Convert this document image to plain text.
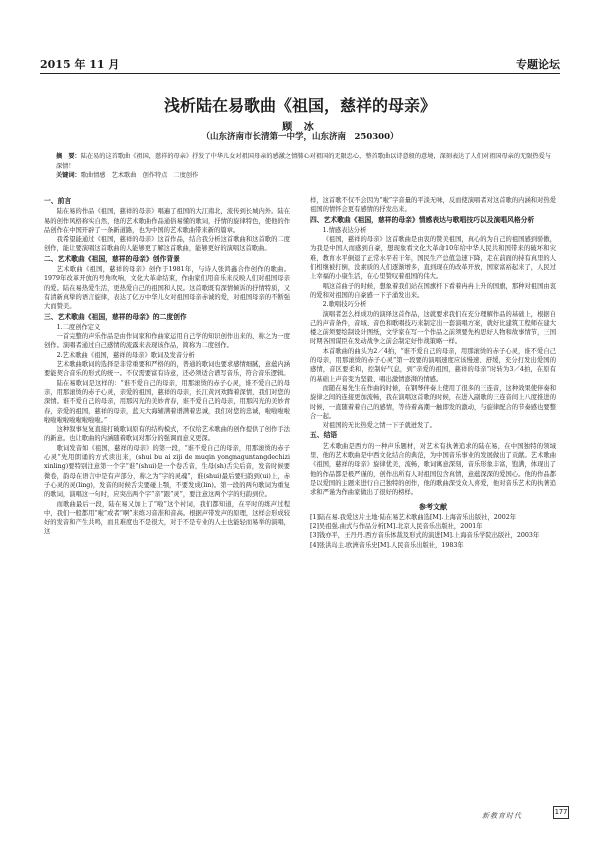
2015 年 11 月	专题论坛
浅析陆在易歌曲《祖国，慈祥的母亲》
顾 冰
（山东济南市长清第一中学，山东济南　250300）

摘　要：陆在易的这首歌曲《祖国，慈祥的母亲》抒发了中华儿女对祖国母亲的感激之情肺心对祖国的无限忠心，整首歌曲以诗意般的意境，深刻表达了人们对祖国母亲的无限热爱与深情！

关键词：歌曲情感　艺术歌曲　创作特点　二度创作

一、前言

陆在易的作品《祖国，慈祥的母亲》唱遍了祖国的大江南北，流传到长城内外。陆在易的创作风格称实自然，他的艺术歌曲作品通俗易懂的歌词，抒情的旋律特色，使他的作品创作在中国开辟了一条新道路，也为中国的艺术歌曲带来新的篇章。

我希望能通过《祖国，慈祥的母亲》这首作品，结合我分析这首歌曲和这首歌的二度创作，能让要演唱这首歌曲的人能够更了解这首歌曲，能够更好的演唱这首歌曲。

二、艺术歌曲《祖国，慈祥的母亲》创作背景

艺术歌曲《祖国，慈祥的母亲》创作于1981年，与诗人张鸿鑫合作创作的歌曲。1979年改革开放的号角吹响，文化大革命结束，作曲家们用音乐来反映人们对祖国母亲的爱。陆在易热爱生活，更热爱自己的祖国和人民。这首歌既有深情倾诉的抒情特质，又有清新真挚的语言旋律，表达了亿万中华儿女对祖国母亲赤诚的爱，对祖国母亲的不断强大而赞美。

三、艺术歌曲《祖国，慈祥的母亲》的二度创作

1.二度创作定义

一首完整的声乐作品是由作词家和作曲家运用自己学的知识创作出来的，称之为一度创作。演唱者通过自己感情的流露来表现该作品，简称为二度创作。

2.艺术歌曲《祖国，慈祥的母亲》歌词及发音分析

艺术歌曲歌词的选择是非常重要和严格的的，普通的歌词也要求感情细腻，意蕴内涵要能契合音乐的形式的统一。不仅需要富有诗意，还必须适合谱写音乐，符合音乐逻辑。

陆在易歌词是这样的：“谁不爱自己的母亲，用那滚烫的赤子心灵，谁不爱自己的母亲，用那滚烫的赤子心灵，亲爱的祖国，慈祥的母亲，长江黄河欢腾着深情，我们对您的深情。谁不爱自己的母亲，用那闪光的美妙青春，谁不爱自己的母亲，用那闪光的美妙青春，亲爱的祖国，慈祥的母亲，蓝天大海辅满着谱满着忠诚，我们对您的忠诚，啦啦啦啦啦啦啦啦啦啦啦啦啦。”

这种叙事复复直接打破歌词原有的结构模式，不仅给艺术歌曲的创作提供了创作手法的新意。也让歌曲的内涵随着歌词对那分的强调而意义更深。

歌词发音如《祖国，慈祥的母亲》的第一段，“谁不爱自己的母亲，用那滚烫的赤子心灵”先用朗诵的方式读出来，(shui bu ai ziji de muqin yongnaguntangdechizi xinling)要特别注意第一个字“谁”(shui)是一个卷舌音，生母(sh)舌尖后音，发音时候要微卷，韵母在语言中是有声部分，称之为“字的灵魂”，谁(shui)最后要归韵到(ui)上，赤子心灵的灵(ling)，发音的时候舌尖要碰上颚，不要发成(lin)。第一段的两句歌词为重复的歌词，演唱这一句时，应突出两个字“亲”跟“灵”，要注意这两个字的归韵到位。

而歌曲最后一段，陆在易又加上了“啦”这个衬词，我们都知道，在平时的练声过程中，我们一般都用“啦”或者“啊”来练习音准和音高。根据声带发声的原理，这样会形成较好的发音和产生共鸣，而且难度也不是很大，对于不是专业的人士也能轻而易举的演唱，这

样，这首歌不仅不会因为“啦”字音量的平淡无味，反而使演唱者对这首歌的内涵和对热爱祖国的情怀会更有感情的抒发出来。

四、艺术歌曲《祖国，慈祥的母亲》情感表达与歌唱技巧以及演唱风格分析

1.情感表达分析

《祖国，慈祥的母亲》这首歌曲是由衷的赞美祖国，真心的为自己的祖国感到骄傲，为我是中国人而感到自豪，想现象看文化大革命10年给中华人民共和国带来的破坏和灾难，教育水平倒退了正常水平若干年，国民生产总值急速下降，走在前面的持有真里的人们相继被打倒，没素质的人们逐渐增多，直到现在的改革开放，国家富裕起来了，人民过上幸福的小康生活，在心里赞叹着祖国的伟大。

唱这首曲子的时候，想象着我们站在国旗杆下看着冉冉上升的国旗，那种对祖国由衷的爱和对祖国的自豪感一下子涌发出来。

2.歌唱技巧分析

演唱者怎么样成功的演绎这首作品，这就要求我们在充分理解作品的基础上，根据自己的声音条件，音域、音色和歌唱技巧来制定出一套演唱方案，就好比建筑工程师在建大楼之前须要绘制设计图纸，文学家在写一个作品之前须要先构思好人物和故事情节，三国时期各国谋臣在发动战争之前会制定好作战策略一样。

本首歌曲的曲头为2／4拍，“谁不爱自己的母亲，用那滚烫的赤子心灵，谁不爱自己的母亲，用那滚烫的赤子心灵”第一段要的演唱速度应该慢速、舒缓，充分打发出爱国的感情，音区要柔和，控制好气息，到“亲爱的祖国，慈祥的母亲”时转为3／4拍，在原有的基础上声音变为坚毅、唱出激情澎湃的情感。

而随在易先生在作曲的时候，在钢琴伴奏上使用了很多的三连音，这种效果使伴奏和旋律之间的连接更加流畅，我在演唱这首歌的时候，在进入副歌的三连音间上八度推进的时候，一直随着着自己的感情，等待着高潮一触即发的激动，与旋律配合的节奏感也要整合一起。

对祖国的无比热爱之情一下子就迸发了。

五、结语

艺术歌曲是西方的一种声乐题材，对艺术有执著追求的陆在易，在中国独特的领域里，他的艺术歌曲是中西文化结合的典范，为中国音乐事业的发展做出了贡献。艺术歌曲《祖国，慈祥的母亲》旋律优美，流畅，歌词寓意深刻，音乐形象丰富，饱满，体现出了他的作品都是极严谨的，创作出所有人对祖国包含真情，意蕴深深的爱国心。他的作品都是以爱国的主题来进行自己独特的创作，他的歌曲深受众人喜爱，他对音乐艺术的执著追求和严谨为作曲家做出了很好的榜样。

参考文献

[1]陆在易.我爱这片土地·陆在易艺术歌曲选[M].上海音乐出版社，2002年

[2]吴祖强.曲式与作品分析[M].北京人民音乐出版社，2001年

[3]钱亦平，王丹丹.西方音乐体裁及形式的演进[M].上海音乐学院出版社，2003年

[4]张洪岛主.欧洲音乐史[M].人民音乐出版社，1983年

新教育时代	177
